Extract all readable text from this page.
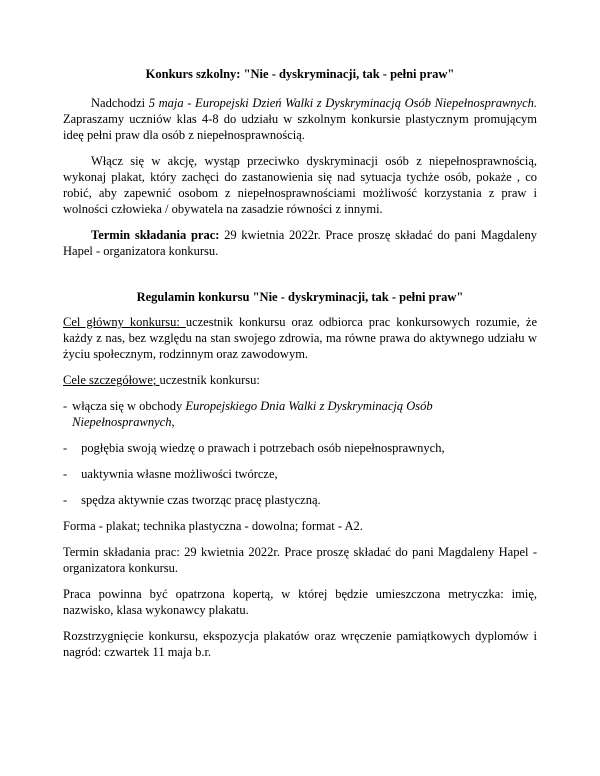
Konkurs szkolny: "Nie - dyskryminacji, tak - pełni praw"

Nadchodzi 5 maja - Europejski Dzień Walki z Dyskryminacją Osób Niepełnosprawnych. Zapraszamy uczniów klas 4-8 do udziału w szkolnym konkursie plastycznym promującym ideę pełni praw dla osób z niepełnosprawnością.

Włącz się w akcję, wystąp przeciwko dyskryminacji osób z niepełnosprawnością, wykonaj plakat, który zachęci do zastanowienia się nad sytuacja tychże osób, pokaże , co robić, aby zapewnić osobom z niepełnosprawnościami możliwość korzystania z praw i wolności człowieka / obywatela na zasadzie równości z innymi.

Termin składania prac: 29 kwietnia 2022r. Prace proszę składać do pani Magdaleny Hapel - organizatora konkursu.

Regulamin konkursu "Nie - dyskryminacji, tak - pełni praw"

Cel główny konkursu: uczestnik konkursu oraz odbiorca prac konkursowych rozumie, że każdy z nas, bez względu na stan swojego zdrowia, ma równe prawa do aktywnego udziału w życiu społecznym, rodzinnym oraz zawodowym.

Cele szczegółowe; uczestnik konkursu:

- włącza się w obchody Europejskiego Dnia Walki z Dyskryminacją Osób Niepełnosprawnych,

- pogłębia swoją wiedzę o prawach i potrzebach osób niepełnosprawnych,

- uaktywnia własne możliwości twórcze,

- spędza aktywnie czas tworząc pracę plastyczną.

Forma - plakat; technika plastyczna - dowolna; format - A2.

Termin składania prac: 29 kwietnia 2022r. Prace proszę składać do pani Magdaleny Hapel - organizatora konkursu.

Praca powinna być opatrzona kopertą, w której będzie umieszczona metryczka: imię, nazwisko, klasa wykonawcy plakatu.

Rozstrzygnięcie konkursu, ekspozycja plakatów oraz wręczenie pamiątkowych dyplomów i nagród: czwartek 11 maja b.r.
